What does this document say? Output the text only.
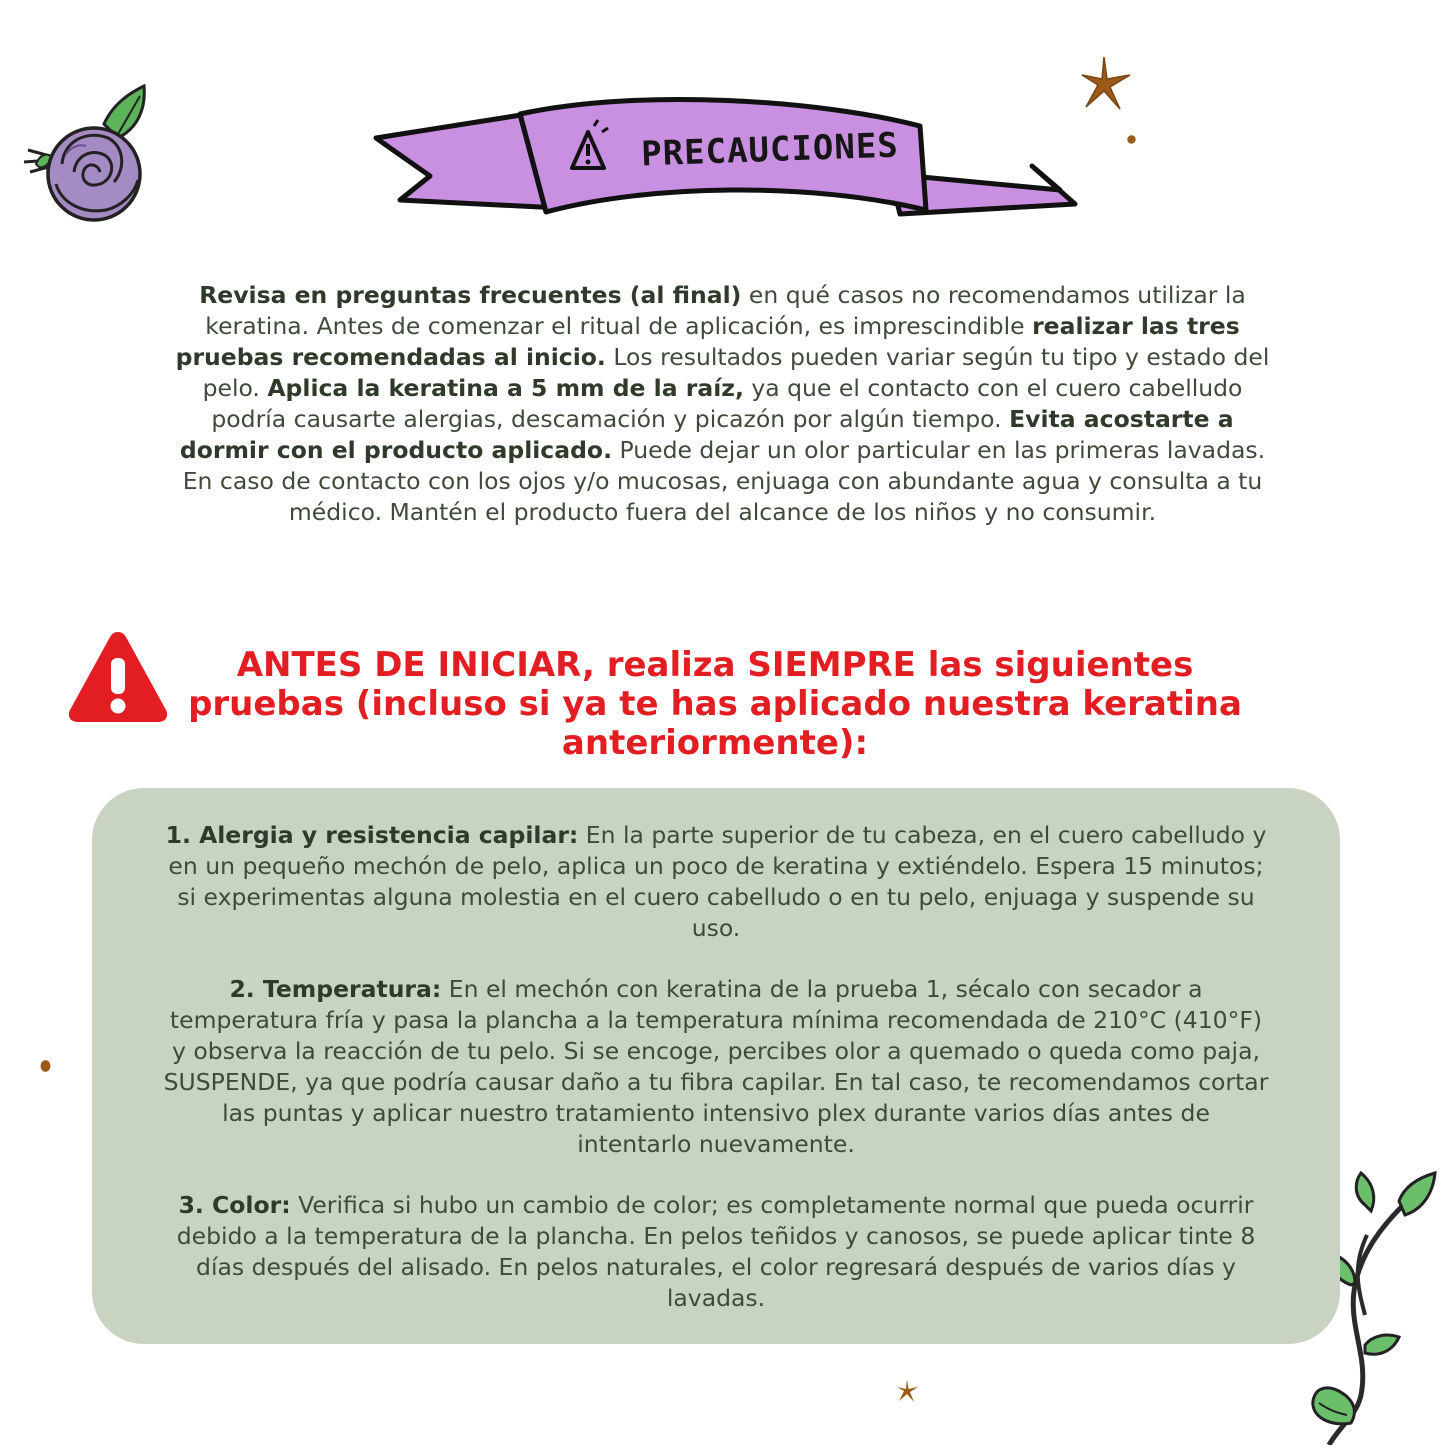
PRECAUCIONES
Revisa en preguntas frecuentes (al final) en qué casos no recomendamos utilizar la keratina. Antes de comenzar el ritual de aplicación, es imprescindible realizar las tres pruebas recomendadas al inicio. Los resultados pueden variar según tu tipo y estado del pelo. Aplica la keratina a 5 mm de la raíz, ya que el contacto con el cuero cabelludo podría causarte alergias, descamación y picazón por algún tiempo. Evita acostarte a dormir con el producto aplicado. Puede dejar un olor particular en las primeras lavadas. En caso de contacto con los ojos y/o mucosas, enjuaga con abundante agua y consulta a tu médico. Mantén el producto fuera del alcance de los niños y no consumir.
ANTES DE INICIAR, realiza SIEMPRE las siguientes pruebas (incluso si ya te has aplicado nuestra keratina anteriormente):
1. Alergia y resistencia capilar: En la parte superior de tu cabeza, en el cuero cabelludo y en un pequeño mechón de pelo, aplica un poco de keratina y extiéndelo. Espera 15 minutos; si experimentas alguna molestia en el cuero cabelludo o en tu pelo, enjuaga y suspende su uso.
2. Temperatura: En el mechón con keratina de la prueba 1, sécalo con secador a temperatura fría y pasa la plancha a la temperatura mínima recomendada de 210°C (410°F) y observa la reacción de tu pelo. Si se encoge, percibes olor a quemado o queda como paja, SUSPENDE, ya que podría causar daño a tu fibra capilar. En tal caso, te recomendamos cortar las puntas y aplicar nuestro tratamiento intensivo plex durante varios días antes de intentarlo nuevamente.
3. Color: Verifica si hubo un cambio de color; es completamente normal que pueda ocurrir debido a la temperatura de la plancha. En pelos teñidos y canosos, se puede aplicar tinte 8 días después del alisado. En pelos naturales, el color regresará después de varios días y lavadas.
